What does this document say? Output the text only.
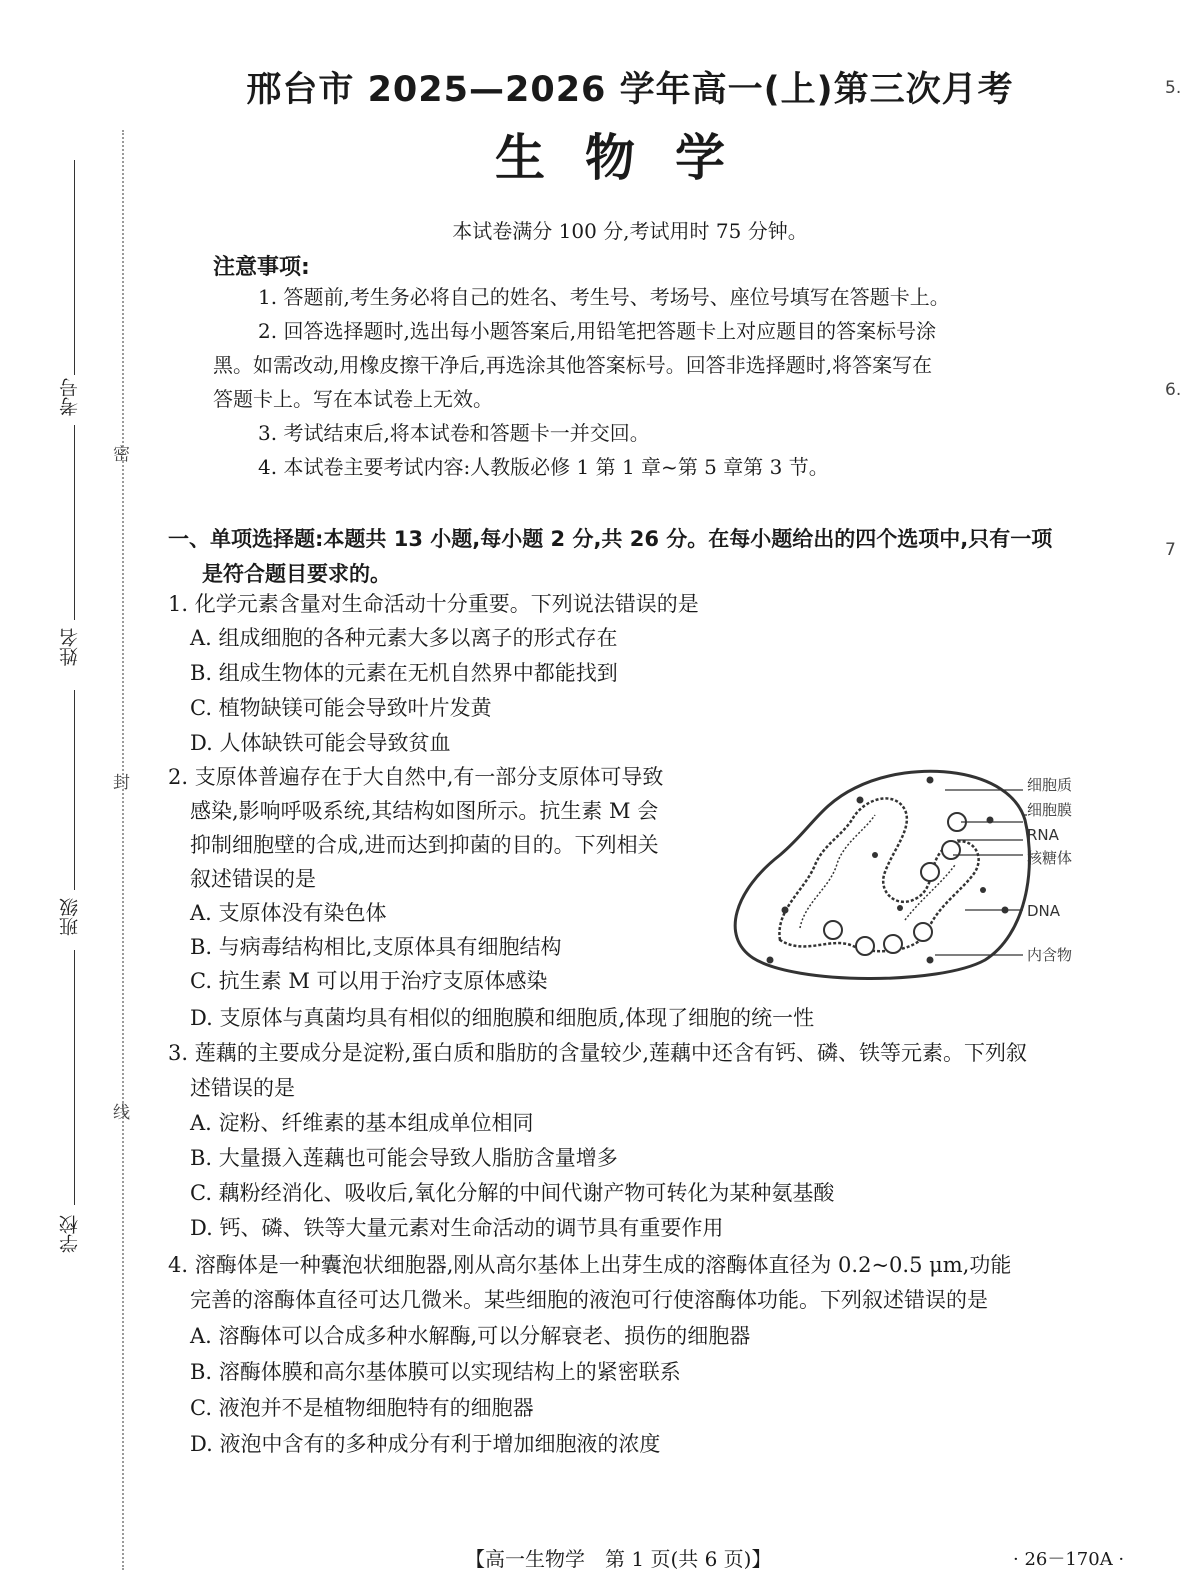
考号
姓名
班级
学校
密
封
线
5.
6.
7
邢台市 2025—2026 学年高一(上)第三次月考
生物学
本试卷满分 100 分,考试用时 75 分钟。
注意事项:
1. 答题前,考生务必将自己的姓名、考生号、考场号、座位号填写在答题卡上。
2. 回答选择题时,选出每小题答案后,用铅笔把答题卡上对应题目的答案标号涂
黑。如需改动,用橡皮擦干净后,再选涂其他答案标号。回答非选择题时,将答案写在
答题卡上。写在本试卷上无效。
3. 考试结束后,将本试卷和答题卡一并交回。
4. 本试卷主要考试内容:人教版必修 1 第 1 章~第 5 章第 3 节。
一、单项选择题:本题共 13 小题,每小题 2 分,共 26 分。在每小题给出的四个选项中,只有一项
是符合题目要求的。
1. 化学元素含量对生命活动十分重要。下列说法错误的是
A. 组成细胞的各种元素大多以离子的形式存在
B. 组成生物体的元素在无机自然界中都能找到
C. 植物缺镁可能会导致叶片发黄
D. 人体缺铁可能会导致贫血
2. 支原体普遍存在于大自然中,有一部分支原体可导致
感染,影响呼吸系统,其结构如图所示。抗生素 M 会
抑制细胞壁的合成,进而达到抑菌的目的。下列相关
叙述错误的是
A. 支原体没有染色体
B. 与病毒结构相比,支原体具有细胞结构
C. 抗生素 M 可以用于治疗支原体感染
D. 支原体与真菌均具有相似的细胞膜和细胞质,体现了细胞的统一性
细胞质
细胞膜
RNA
核糖体
DNA
内含物
3. 莲藕的主要成分是淀粉,蛋白质和脂肪的含量较少,莲藕中还含有钙、磷、铁等元素。下列叙
述错误的是
A. 淀粉、纤维素的基本组成单位相同
B. 大量摄入莲藕也可能会导致人脂肪含量增多
C. 藕粉经消化、吸收后,氧化分解的中间代谢产物可转化为某种氨基酸
D. 钙、磷、铁等大量元素对生命活动的调节具有重要作用
4. 溶酶体是一种囊泡状细胞器,刚从高尔基体上出芽生成的溶酶体直径为 0.2~0.5 μm,功能
完善的溶酶体直径可达几微米。某些细胞的液泡可行使溶酶体功能。下列叙述错误的是
A. 溶酶体可以合成多种水解酶,可以分解衰老、损伤的细胞器
B. 溶酶体膜和高尔基体膜可以实现结构上的紧密联系
C. 液泡并不是植物细胞特有的细胞器
D. 液泡中含有的多种成分有利于增加细胞液的浓度
【高一生物学　第 1 页(共 6 页)】	· 26－170A ·
